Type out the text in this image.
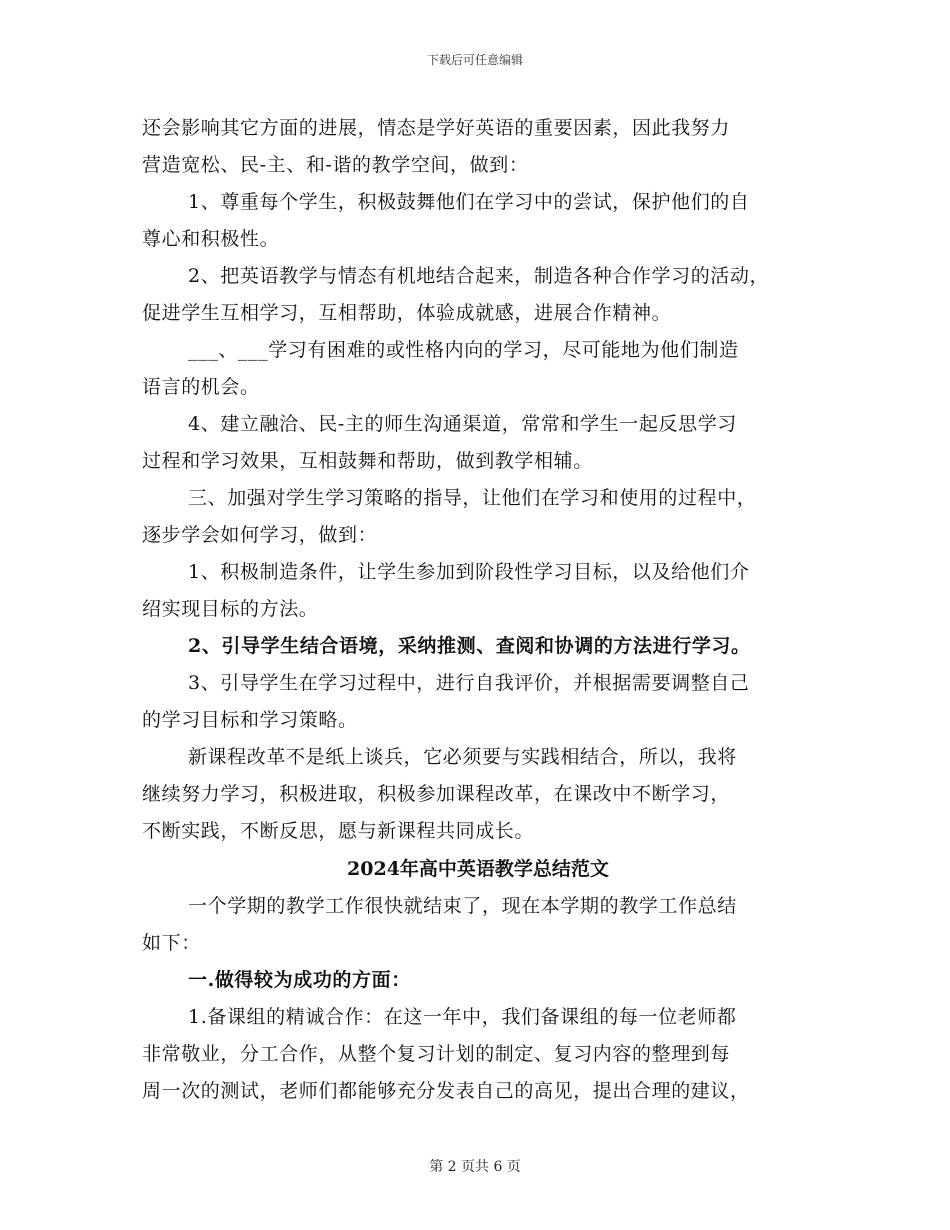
下载后可任意编辑
还会影响其它方面的进展，情态是学好英语的重要因素，因此我努力
营造宽松、民-主、和-谐的教学空间，做到：
1、尊重每个学生，积极鼓舞他们在学习中的尝试，保护他们的自
尊心和积极性。
2、把英语教学与情态有机地结合起来，制造各种合作学习的活动，
促进学生互相学习，互相帮助，体验成就感，进展合作精神。
___、___学习有困难的或性格内向的学习，尽可能地为他们制造
语言的机会。
4、建立融洽、民-主的师生沟通渠道，常常和学生一起反思学习
过程和学习效果，互相鼓舞和帮助，做到教学相辅。
三、加强对学生学习策略的指导，让他们在学习和使用的过程中，
逐步学会如何学习，做到：
1、积极制造条件，让学生参加到阶段性学习目标，以及给他们介
绍实现目标的方法。
2、引导学生结合语境，采纳推测、查阅和协调的方法进行学习。
3、引导学生在学习过程中，进行自我评价，并根据需要调整自己
的学习目标和学习策略。
新课程改革不是纸上谈兵，它必须要与实践相结合，所以，我将
继续努力学习，积极进取，积极参加课程改革，在课改中不断学习，
不断实践，不断反思，愿与新课程共同成长。
2024年高中英语教学总结范文
一个学期的教学工作很快就结束了，现在本学期的教学工作总结
如下：
一.做得较为成功的方面：
1.备课组的精诚合作：在这一年中，我们备课组的每一位老师都
非常敬业，分工合作，从整个复习计划的制定、复习内容的整理到每
周一次的测试，老师们都能够充分发表自己的高见，提出合理的建议，
第 2 页共 6 页
